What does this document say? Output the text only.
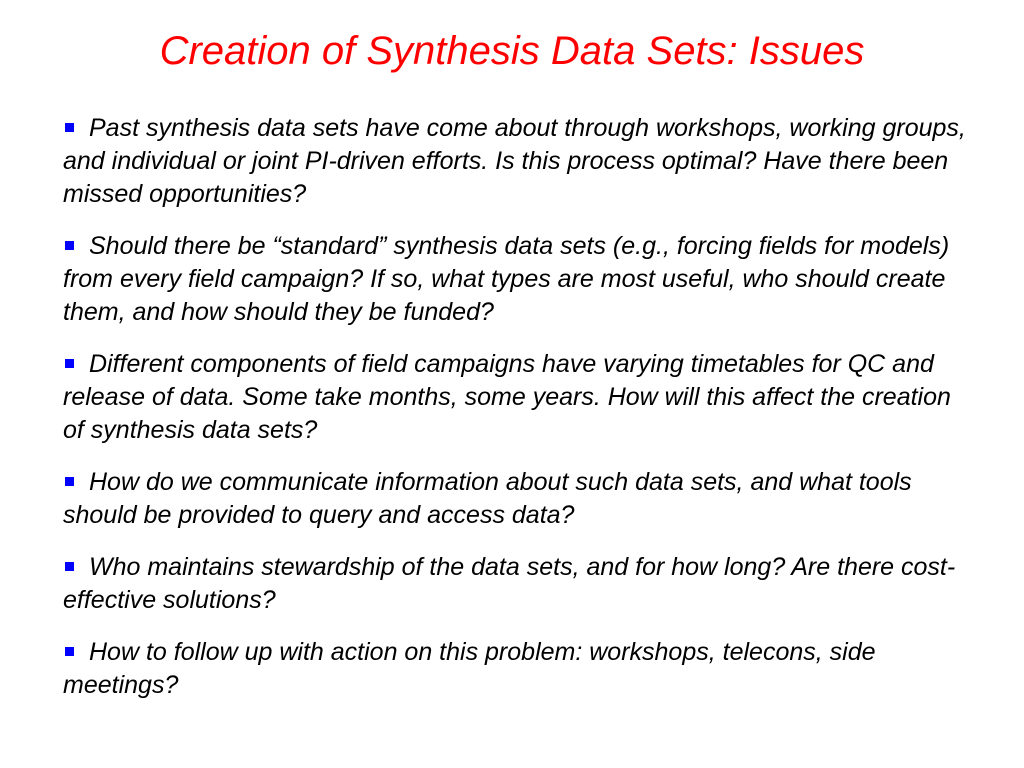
Creation of Synthesis Data Sets: Issues
Past synthesis data sets have come about through workshops, working groups, and individual or joint PI-driven efforts. Is this process optimal? Have there been missed opportunities?
Should there be “standard” synthesis data sets (e.g., forcing fields for models) from every field campaign? If so, what types are most useful, who should create them, and how should they be funded?
Different components of field campaigns have varying timetables for QC and release of data. Some take months, some years. How will this affect the creation of synthesis data sets?
How do we communicate information about such data sets, and what tools should be provided to query and access data?
Who maintains stewardship of the data sets, and for how long? Are there cost-effective solutions?
How to follow up with action on this problem: workshops, telecons, side meetings?
